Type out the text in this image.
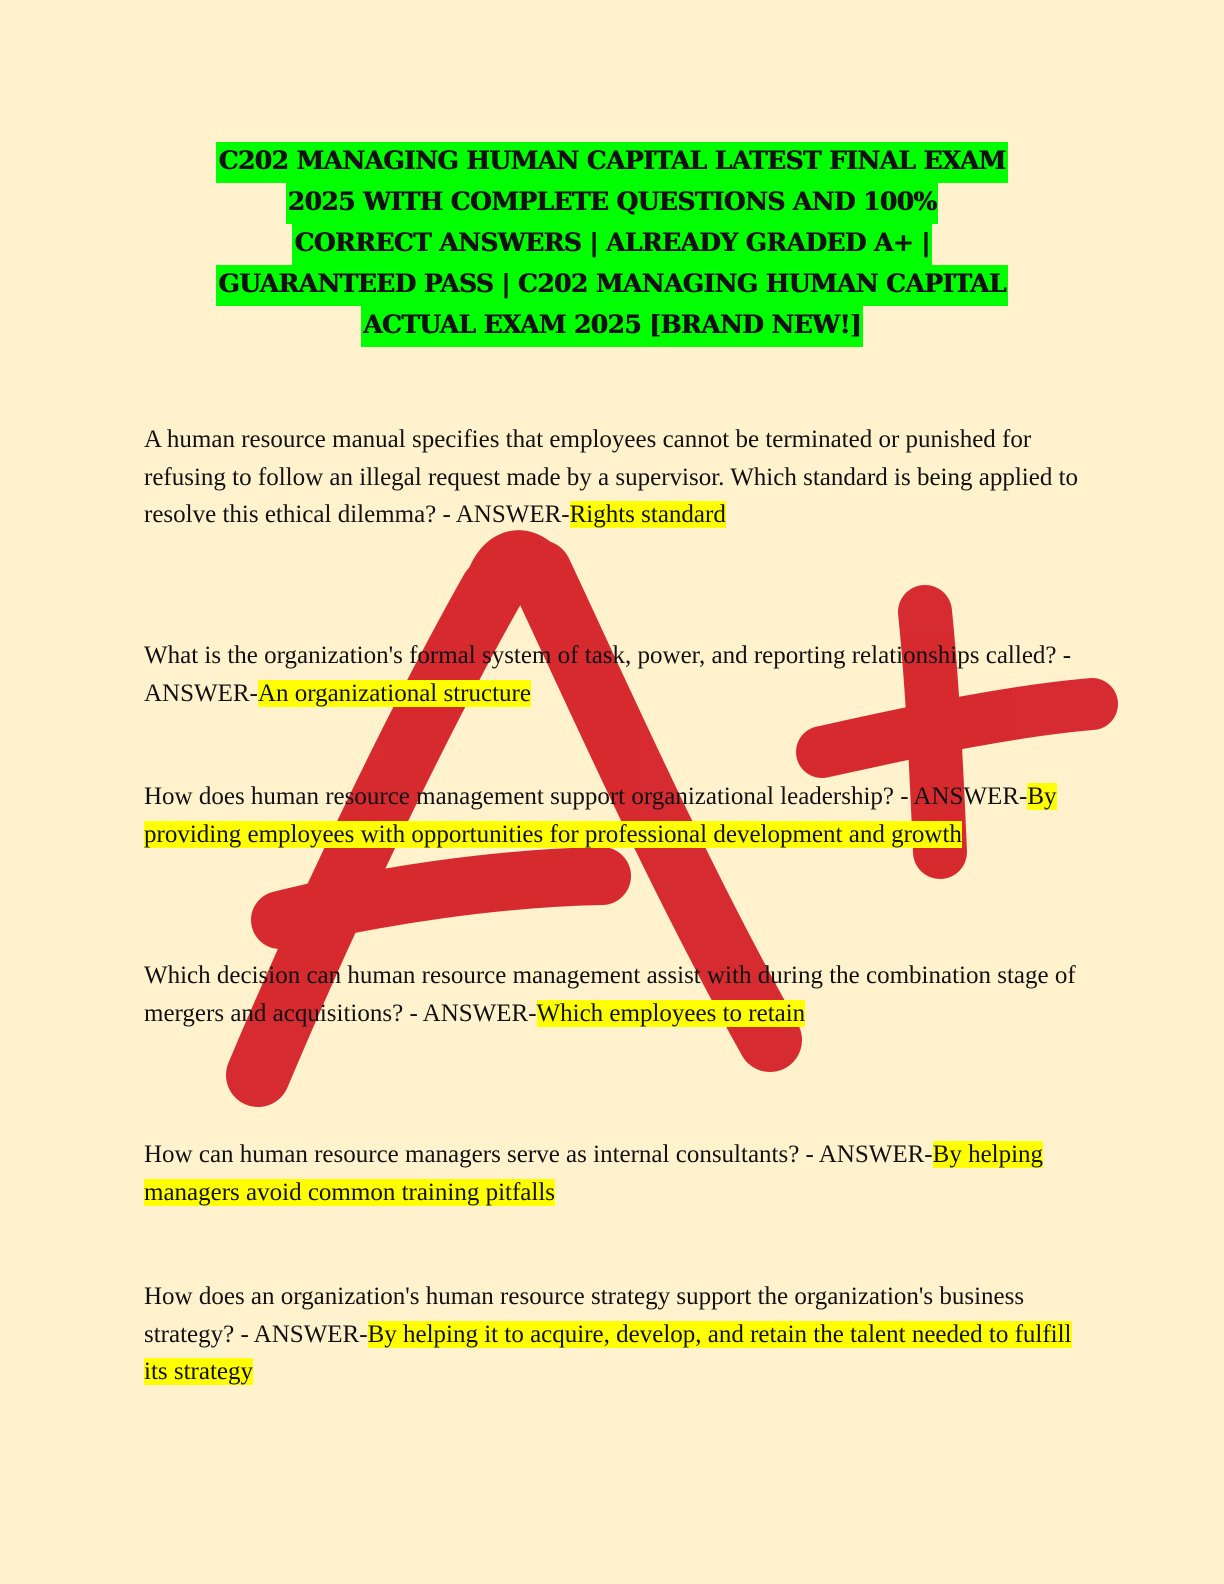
C202 MANAGING HUMAN CAPITAL LATEST FINAL EXAM
2025 WITH COMPLETE QUESTIONS AND 100%
CORRECT ANSWERS | ALREADY GRADED A+ |
GUARANTEED PASS | C202 MANAGING HUMAN CAPITAL
ACTUAL EXAM 2025 [BRAND NEW!]
A human resource manual specifies that employees cannot be terminated or punished for refusing to follow an illegal request made by a supervisor. Which standard is being applied to resolve this ethical dilemma? - ANSWER-Rights standard
What is the organization's formal system of task, power, and reporting relationships called? - ANSWER-An organizational structure
How does human resource management support organizational leadership? - ANSWER-By providing employees with opportunities for professional development and growth
Which decision can human resource management assist with during the combination stage of mergers and acquisitions? - ANSWER-Which employees to retain
How can human resource managers serve as internal consultants? - ANSWER-By helping managers avoid common training pitfalls
How does an organization's human resource strategy support the organization's business strategy? - ANSWER-By helping it to acquire, develop, and retain the talent needed to fulfill its strategy
